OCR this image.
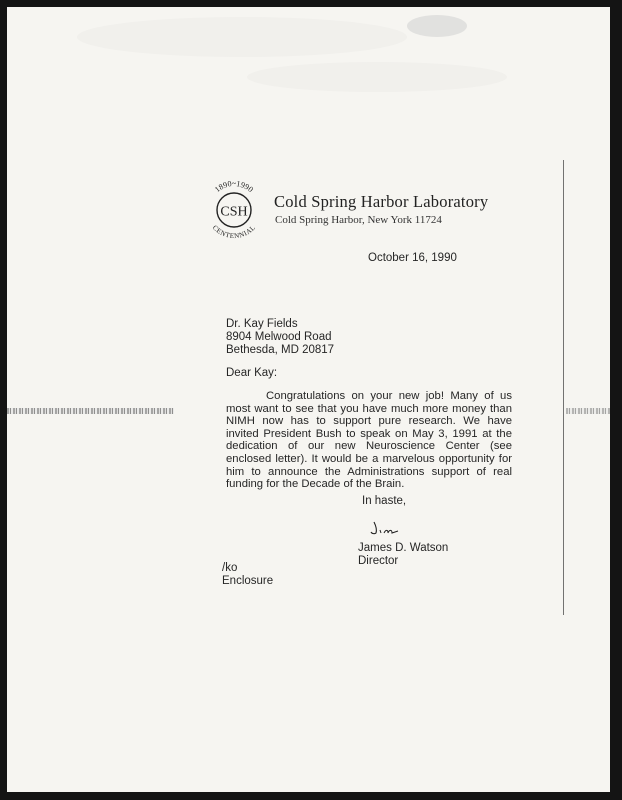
CSH
1890~1990
CENTENNIAL
Cold Spring Harbor Laboratory
Cold Spring Harbor, New York 11724
October 16, 1990
Dr. Kay Fields
8904 Melwood Road
Bethesda, MD 20817
Dear Kay:
Congratulations on your new job! Many of us most want to see that you have much more money than NIMH now has to support pure research. We have invited President Bush to speak on May 3, 1991 at the dedication of our new Neuroscience Center (see enclosed letter). It would be a marvelous opportunity for him to announce the Administrations support of real funding for the Decade of the Brain.
In haste,
James D. Watson
Director
/ko
Enclosure
